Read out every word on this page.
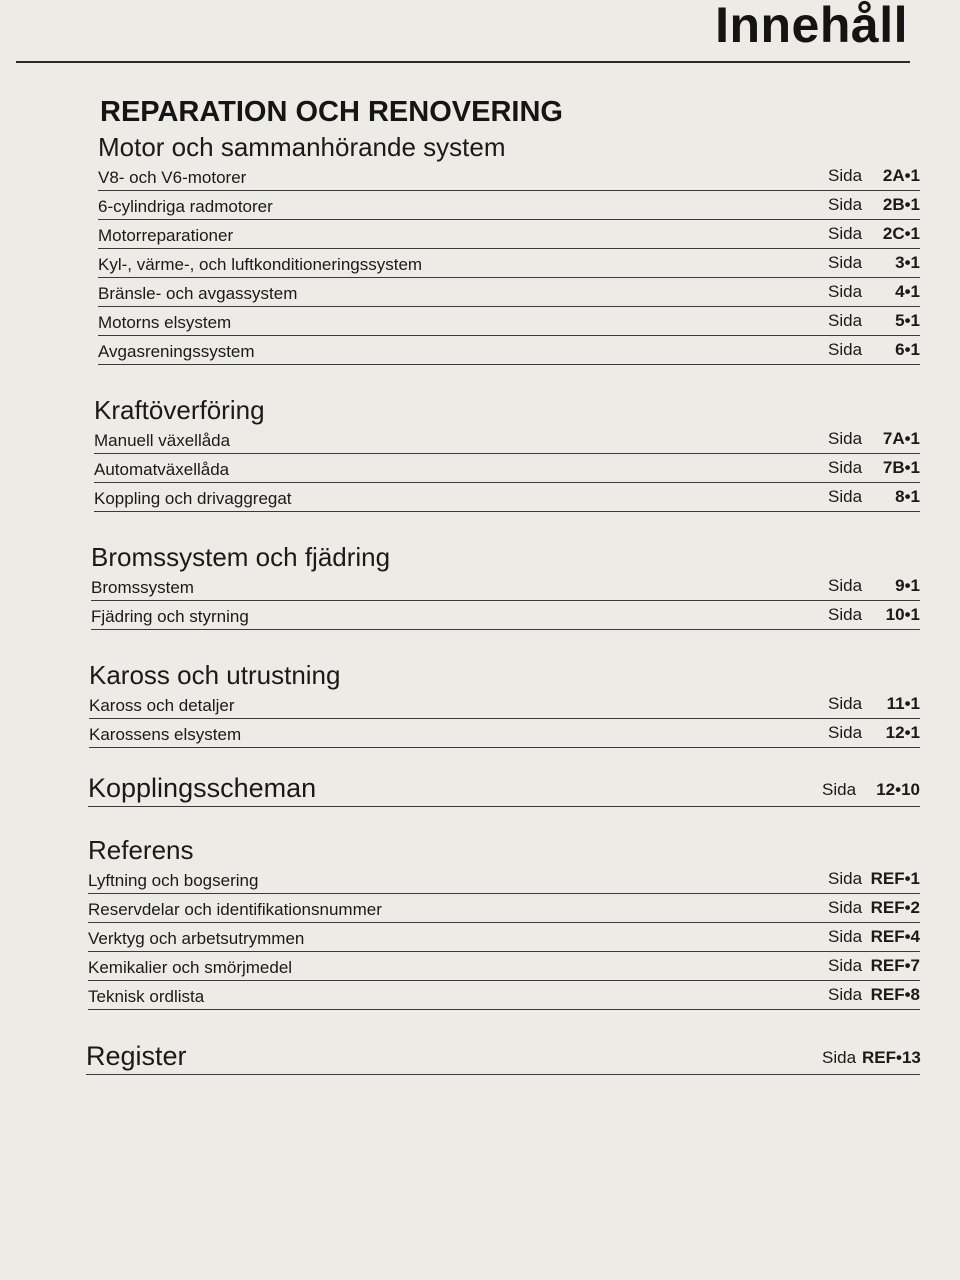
Innehåll
REPARATION OCH RENOVERING
Motor och sammanhörande system
V8- och V6-motorer	Sida	2A•1
6-cylindriga radmotorer	Sida	2B•1
Motorreparationer	Sida	2C•1
Kyl-, värme-, och luftkonditioneringssystem	Sida	3•1
Bränsle- och avgassystem	Sida	4•1
Motorns elsystem	Sida	5•1
Avgasreningssystem	Sida	6•1
Kraftöverföring
Manuell växellåda	Sida	7A•1
Automatväxellåda	Sida	7B•1
Koppling och drivaggregat	Sida	8•1
Bromssystem och fjädring
Bromssystem	Sida	9•1
Fjädring och styrning	Sida	10•1
Kaross och utrustning
Kaross och detaljer	Sida	11•1
Karossens elsystem	Sida	12•1
Kopplingsscheman	Sida	12•10
Referens
Lyftning och bogsering	Sida REF•1
Reservdelar och identifikationsnummer	Sida REF•2
Verktyg och arbetsutrymmen	Sida REF•4
Kemikalier och smörjmedel	Sida REF•7
Teknisk ordlista	Sida REF•8
Register	Sida REF•13
